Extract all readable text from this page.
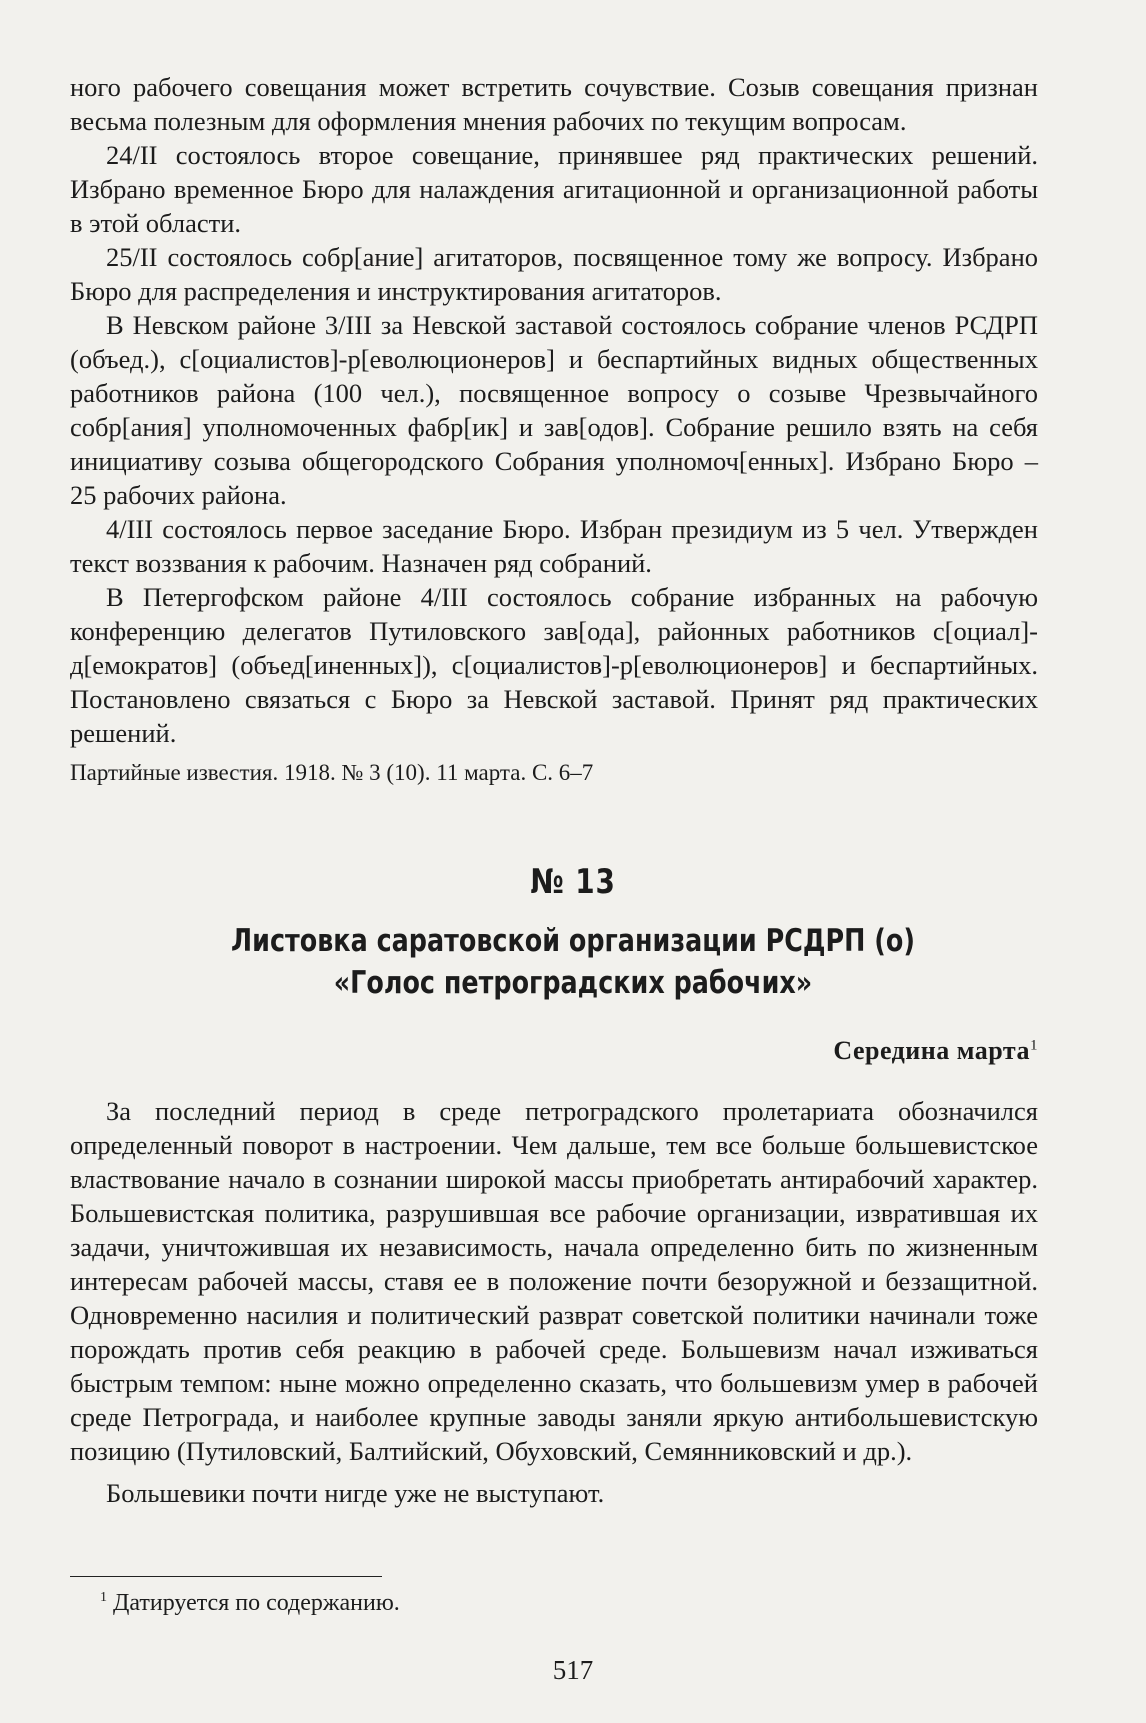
ного рабочего совещания может встретить сочувствие. Созыв совещания признан весьма полезным для оформления мнения рабочих по текущим вопросам.

24/II состоялось второе совещание, принявшее ряд практических решений. Избрано временное Бюро для налаждения агитационной и организационной работы в этой области.

25/II состоялось собр[ание] агитаторов, посвященное тому же вопросу. Избрано Бюро для распределения и инструктирования агитаторов.

В Невском районе 3/III за Невской заставой состоялось собрание членов РСДРП (объед.), с[оциалистов]-р[еволюционеров] и беспартийных видных общественных работников района (100 чел.), посвященное вопросу о созыве Чрезвычайного собр[ания] уполномоченных фабр[ик] и зав[одов]. Собрание решило взять на себя инициативу созыва общегородского Собрания уполномоч[енных]. Избрано Бюро – 25 рабочих района.

4/III состоялось первое заседание Бюро. Избран президиум из 5 чел. Утвержден текст воззвания к рабочим. Назначен ряд собраний.

В Петергофском районе 4/III состоялось собрание избранных на рабочую конференцию делегатов Путиловского зав[ода], районных работников с[оциал]-д[емократов] (объед[иненных]), с[оциалистов]-р[еволюционеров] и беспартийных. Постановлено связаться с Бюро за Невской заставой. Принят ряд практических решений.

Партийные известия. 1918. № 3 (10). 11 марта. С. 6–7
№ 13
Листовка саратовской организации РСДРП (о)
«Голос петроградских рабочих»
Середина марта$^1$

За последний период в среде петроградского пролетариата обозначился определенный поворот в настроении. Чем дальше, тем все больше большевистское властвование начало в сознании широкой массы приобретать антирабочий характер. Большевистская политика, разрушившая все рабочие организации, извратившая их задачи, уничтожившая их независимость, начала определенно бить по жизненным интересам рабочей массы, ставя ее в положение почти безоружной и беззащитной. Одновременно насилия и политический разврат советской политики начинали тоже порождать против себя реакцию в рабочей среде. Большевизм начал изживаться быстрым темпом: ныне можно определенно сказать, что большевизм умер в рабочей среде Петрограда, и наиболее крупные заводы заняли яркую антибольшевистскую позицию (Путиловский, Балтийский, Обуховский, Семянниковский и др.).

Большевики почти нигде уже не выступают.

$^1$ Датируется по содержанию.
517
